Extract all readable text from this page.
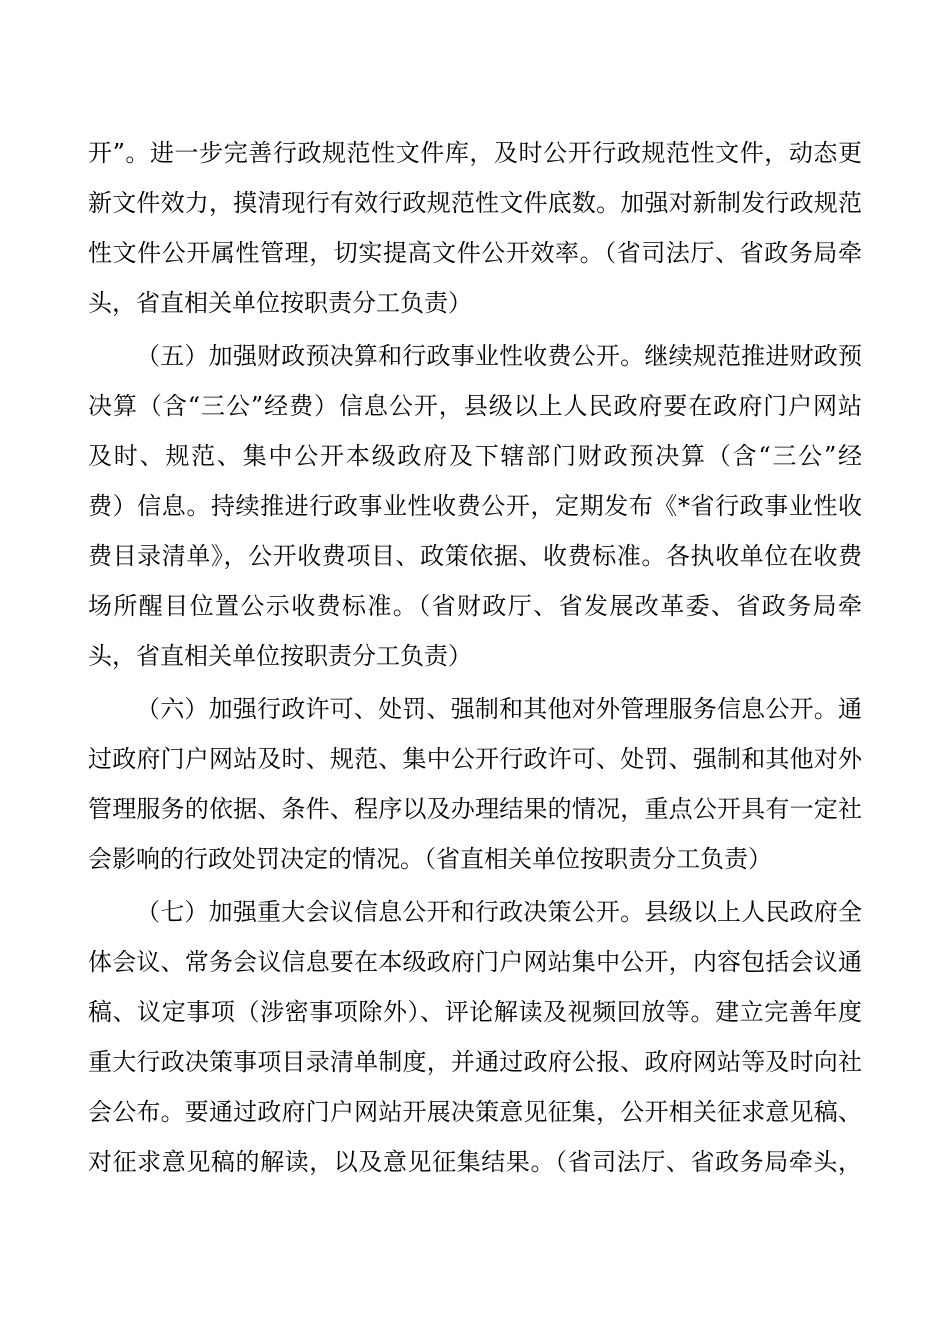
开”。进一步完善行政规范性文件库，及时公开行政规范性文件，动态更
新文件效力，摸清现行有效行政规范性文件底数。加强对新制发行政规范
性文件公开属性管理，切实提高文件公开效率。（省司法厅、省政务局牵
头，省直相关单位按职责分工负责）
（五）加强财政预决算和行政事业性收费公开。继续规范推进财政预
决算（含“三公”经费）信息公开，县级以上人民政府要在政府门户网站
及时、规范、集中公开本级政府及下辖部门财政预决算（含“三公”经
费）信息。持续推进行政事业性收费公开，定期发布《*省行政事业性收
费目录清单》，公开收费项目、政策依据、收费标准。各执收单位在收费
场所醒目位置公示收费标准。（省财政厅、省发展改革委、省政务局牵
头，省直相关单位按职责分工负责）
（六）加强行政许可、处罚、强制和其他对外管理服务信息公开。通
过政府门户网站及时、规范、集中公开行政许可、处罚、强制和其他对外
管理服务的依据、条件、程序以及办理结果的情况，重点公开具有一定社
会影响的行政处罚决定的情况。（省直相关单位按职责分工负责）
（七）加强重大会议信息公开和行政决策公开。县级以上人民政府全
体会议、常务会议信息要在本级政府门户网站集中公开，内容包括会议通
稿、议定事项（涉密事项除外）、评论解读及视频回放等。建立完善年度
重大行政决策事项目录清单制度，并通过政府公报、政府网站等及时向社
会公布。要通过政府门户网站开展决策意见征集，公开相关征求意见稿、
对征求意见稿的解读，以及意见征集结果。（省司法厅、省政务局牵头，
